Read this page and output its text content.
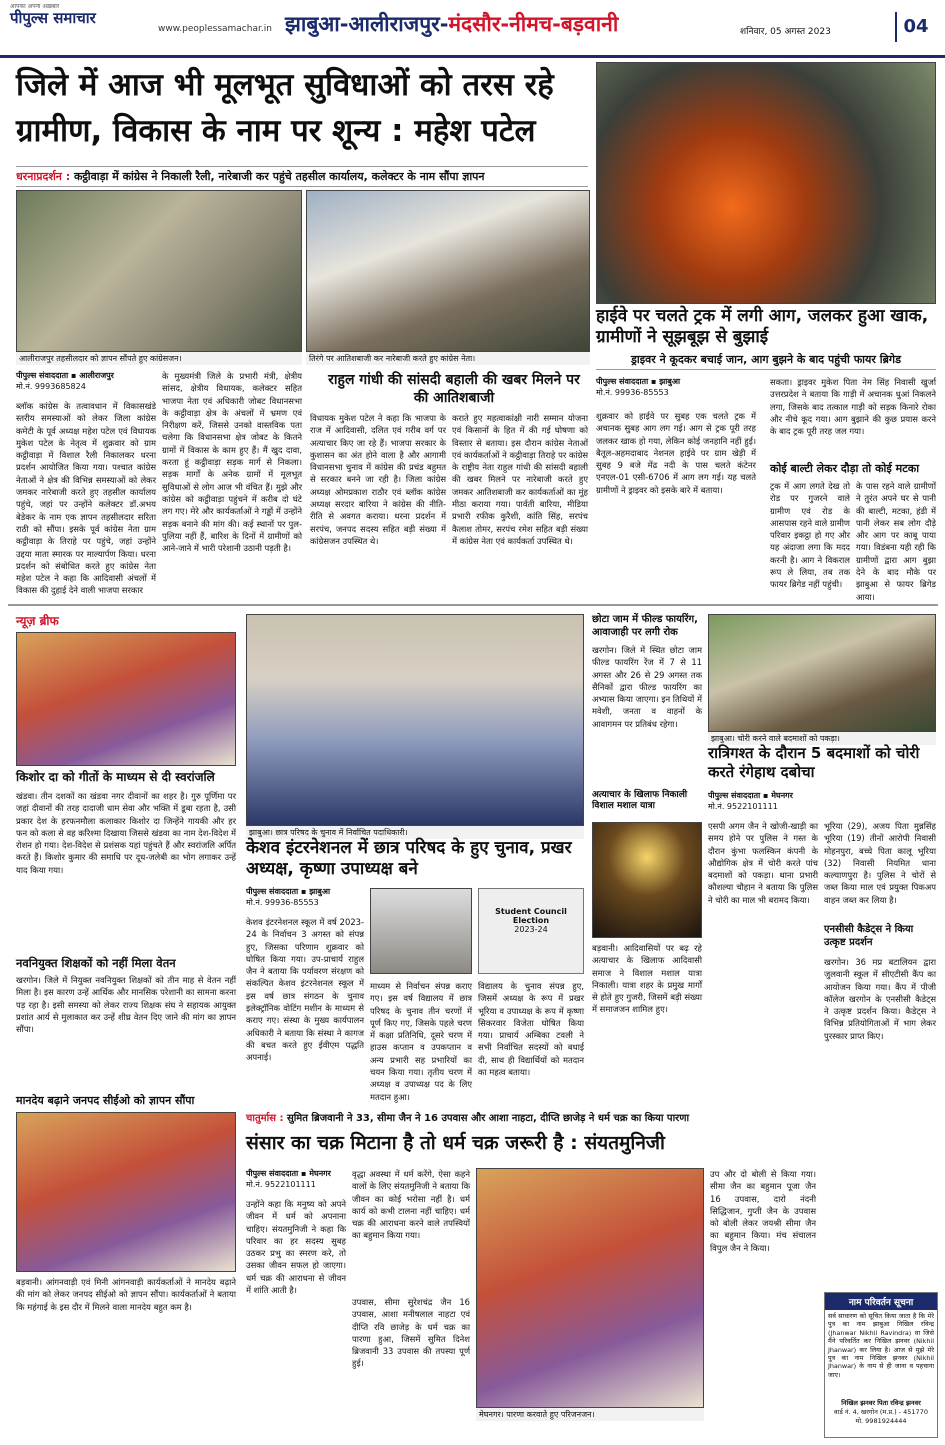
पीपुल्स समाचार
आपका अपना अख़बार
www.peoplessamachar.in झाबुआ-आलीराजपुर-मंदसौर-नीमच-बड़वानी	शनिवार, 05 अगस्त 2023	04
जिले में आज भी मूलभूत सुविधाओं को तरस रहे ग्रामीण, विकास के नाम पर शून्य : महेश पटेल
धरनाप्रदर्शन : कट्ठीवाड़ा में कांग्रेस ने निकाली रैली, नारेबाजी कर पहुंचे तहसील कार्यालय, कलेक्टर के नाम सौंपा ज्ञापन
आलीराजपुर तहसीलदार को ज्ञापन सौंपते हुए कांग्रेसजन।	तिरंगे पर आतिशबाजी कर नारेबाजी करते हुए कांग्रेस नेता।
पीपुल्स संवाददाता ▪ आलीराजपुर
मो.नं. 9993685824
ब्लॉक कांग्रेस के तत्वावधान में विकासखंडे स्तरीय समस्याओं को लेकर जिला कांग्रेस कमेटी के पूर्व अध्यक्ष महेश पटेल एवं विधायक मुकेश पटेल के नेतृत्व में शुक्रवार को ग्राम कट्ठीवाड़ा में विशाल रैली निकालकर धरना प्रदर्शन आयोजित किया गया। पश्चात कांग्रेस नेताओं ने क्षेत्र की विभिन्न समस्याओं को लेकर जमकर नारेबाजी करते हुए तहसील कार्यालय पहुंचे, जहां पर उन्होंने कलेक्टर डॉ.अभय बेडेकर के नाम एक ज्ञापन तहसीलदार सरिता राठी को सौंपा। इसके पूर्व कांग्रेस नेता ग्राम कट्ठीवाड़ा के तिराहे पर पहुंचे, जहां उन्होंने उद्दया माता स्मारक पर माल्यार्पण किया। धरना प्रदर्शन को संबोधित करते हुए कांग्रेस नेता महेश पटेल ने कहा कि आदिवासी अंचलों में विकास की दुहाई देने वाली भाजपा सरकार
के मुख्यमंत्री जिले के प्रभारी मंत्री, क्षेत्रीय सांसद, क्षेत्रीय विधायक, कलेक्टर सहित भाजपा नेता एवं अधिकारी जोबट विधानसभा के कट्ठीवाड़ा क्षेत्र के अंचलों में भ्रमण एवं निरीक्षण करें, जिससे उनको वास्तविक पता चलेगा कि विधानसभा क्षेत्र जोबट के कितने ग्रामों में विकास के काम हुए हैं। मैं खुद दावा, करता हूं कट्ठीवाड़ा सड़क मार्ग से निकला। सड़क मार्गों के अनेक ग्रामों में मूलभूत सुविधाओं से लोग आज भी वंचित हैं। मुझे और कांग्रेस को कट्ठीवाड़ा पहुंचने में करीब दो घंटे लग गए। मेरे और कार्यकर्ताओं ने गड्ढों में उन्होंने सड़क बनाने की मांग की। कई स्थानों पर पुल-पुलिया नहीं हैं, बारिश के दिनों में ग्रामीणों को आने-जाने में भारी परेशानी उठानी पड़ती है।
राहुल गांधी की सांसदी बहाली की खबर मिलने पर की आतिशबाजी
विधायक मुकेश पटेल ने कहा कि भाजपा के राज में आदिवासी, दलित एवं गरीब वर्ग पर अत्याचार किए जा रहे हैं। भाजपा सरकार के कुशासन का अंत होने वाला है और आगामी विधानसभा चुनाव में कांग्रेस की प्रचंड बहुमत से सरकार बनने जा रही है। जिला कांग्रेस अध्यक्ष ओमप्रकाश राठौर एवं ब्लॉक कांग्रेस अध्यक्ष सरदार बारिया ने कांग्रेस की नीति-रीति से अवगत कराया। धरना प्रदर्शन में सरपंच, जनपद सदस्य सहित बड़ी संख्या में कांग्रेसजन उपस्थित थे।
कराते हुए महत्वाकांक्षी नारी सम्मान योजना एवं किसानों के हित में की गई घोषणा को विस्तार से बताया। इस दौरान कांग्रेस नेताओं एवं कार्यकर्ताओं ने कट्ठीवाड़ा तिराहे पर कांग्रेस के राष्ट्रीय नेता राहुल गांधी की सांसदी बहाली की खबर मिलने पर नारेबाजी करते हुए जमकर आतिशबाजी कर कार्यकर्ताओं का मुंह मीठा कराया गया। पार्वती बारिया, मीडिया प्रभारी रफीक कुरैशी, कांति सिंह, सरपंच कैलाश तोमर, सरपंच रमेश सहित बड़ी संख्या में कांग्रेस नेता एवं कार्यकर्ता उपस्थित थे।
हाईवे पर चलते ट्रक में लगी आग, जलकर हुआ खाक, ग्रामीणों ने सूझबूझ से बुझाई
ड्राइवर ने कूदकर बचाई जान, आग बुझने के बाद पहुंची फायर ब्रिगेड
पीपुल्स संवाददाता ▪ झाबुआ
मो.नं. 99936-85553
शुक्रवार को हाईवे पर सुबह एक चलते ट्रक में अचानक सुबह आग लग गई। आग से ट्रक पूरी तरह जलकर खाक हो गया, लेकिन कोई जनहानि नहीं हुई। बैतूल-अहमदाबाद नेशनल हाईवे पर ग्राम खेड़ी में सुबह 9 बजे मेंढ नदी के पास चलते कंटेनर एनएल-01 एसी-6706 में आग लग गई। यह चलते ग्रामीणों ने ड्राइवर को इसके बारे में बताया।
सकता। ड्राइवर मुकेश पिता नेम सिंह निवासी खुर्जा उत्तरप्रदेश ने बताया कि गाड़ी में अचानक धुआं निकलने लगा, जिसके बाद तत्काल गाड़ी को सड़क किनारे रोका और नीचे कूद गया। आग बुझाने की कुछ प्रयास करने के बाद ट्रक पूरी तरह जल गया।
कोई बाल्टी लेकर दौड़ा तो कोई मटका
ट्रक में आग लगते देख तो रोड पर गुजरने वाले ग्रामीण एवं रोड के आसपास रहने वाले ग्रामीण परिवार इकट्ठा हो गए और यह अंदाजा लगा कि मदद करनी है। आग ने विकराल रूप ले लिया, तब तक फायर ब्रिगेड नहीं पहुंची।
के पास रहने वाले ग्रामीणों ने तुरंत अपने घर से पानी की बाल्टी, मटका, हंडी में पानी लेकर सब लोग दौड़े और आग पर काबू पाया गया। विडंबना यही रही कि ग्रामीणों द्वारा आग बुझा देने के बाद मौके पर झाबुआ से फायर ब्रिगेड आया।
न्यूज़ ब्रीफ
किशोर दा को गीतों के माध्यम से दी स्वरांजलि
खंडवा। तीन दशकों का खंडवा नगर दीवानों का शहर है। गुरु पूर्णिमा पर जहां दीवानों की तरह दादाजी धाम सेवा और भक्ति में डूबा रहता है, उसी प्रकार देश के हरफनमौला कलाकार किशोर दा जिन्हेंने गायकी और हर फन को कला से वह करिश्मा दिखाया जिससे खंडवा का नाम देश-विदेश में रोशन हो गया। देश-विदेश से प्रशंसक यहां पहुंचते हैं और स्वरांजलि अर्पित करते हैं। किशोर कुमार की समाधि पर दूध-जलेबी का भोग लगाकर उन्हें याद किया गया।
नवनियुक्त शिक्षकों को नहीं मिला वेतन
खरगोन। जिले में नियुक्त नवनियुक्त शिक्षकों को तीन माह से वेतन नहीं मिला है। इस कारण उन्हें आर्थिक और मानसिक परेशानी का सामना करना पड़ रहा है। इसी समस्या को लेकर राज्य शिक्षक संघ ने सहायक आयुक्त प्रशांत आर्य से मुलाकात कर उन्हें शीघ्र वेतन दिए जाने की मांग का ज्ञापन सौंपा।
मानदेय बढ़ाने जनपद सीईओ को ज्ञापन सौंपा
बड़वानी। आंगनवाड़ी एवं मिनी आंगनवाड़ी कार्यकर्ताओं ने मानदेय बढ़ाने की मांग को लेकर जनपद सीईओ को ज्ञापन सौंपा। कार्यकर्ताओं ने बताया कि महंगाई के इस दौर में मिलने वाला मानदेय बहुत कम है।
झाबुआ। छात्र परिषद के चुनाव में निर्वाचित पदाधिकारी।
केशव इंटरनेशनल में छात्र परिषद के हुए चुनाव, प्रखर अध्यक्ष, कृष्णा उपाध्यक्ष बने
पीपुल्स संवाददाता ▪ झाबुआ
मो.नं. 99936-85553
केशव इंटरनेशनल स्कूल में वर्ष 2023-24 के निर्वाचन 3 अगस्त को संपन्न हुए, जिसका परिणाम शुक्रवार को घोषित किया गया। उप-प्राचार्य राहुल जैन ने बताया कि पर्यावरण संरक्षण को संकल्पित केशव इंटरनेशनल स्कूल में इस वर्ष छात्र संगठन के चुनाव इलेक्ट्रॉनिक वोटिंग मशीन के माध्यम से कराए गए। संस्था के मुख्य कार्यपालन अधिकारी ने बताया कि संस्था ने कागज की बचत करते हुए ईवीएम पद्धति अपनाई।
Student Council Election
2023-24
माध्यम से निर्वाचन संपन्न कराए गए। इस वर्ष विद्यालय में छात्र परिषद के चुनाव तीन चरणों में पूर्ण किए गए, जिसके पहले चरण में कक्षा प्रतिनिधि, दूसरे चरण में हाउस कप्तान व उपकप्तान व अन्य प्रभारी सह प्रभारियों का चयन किया गया। तृतीय चरण में अध्यक्ष व उपाध्यक्ष पद के लिए मतदान हुआ।
विद्यालय के चुनाव संपन्न हुए, जिसमें अध्यक्ष के रूप में प्रखर भूरिया व उपाध्यक्ष के रूप में कृष्णा सिकरवार विजेता घोषित किया गया। प्राचार्य अम्बिका टवली ने सभी निर्वाचित सदस्यों को बधाई दी, साथ ही विद्यार्थियों को मतदान का महत्व बताया।
छोटा जाम में फील्ड फायरिंग, आवाजाही पर लगी रोक
खरगोन। जिले में स्थित छोटा जाम फील्ड फायरिंग रेंज में 7 से 11 अगस्त और 26 से 29 अगस्त तक सैनिकों द्वारा फील्ड फायरिंग का अभ्यास किया जाएगा। इन तिथियों में मवेशी, जनता व वाहनों के आवागमन पर प्रतिबंध रहेगा।
अत्याचार के खिलाफ निकाली विशाल मशाल यात्रा
बड़वानी। आदिवासियों पर बढ़ रहे अत्याचार के खिलाफ आदिवासी समाज ने विशाल मशाल यात्रा निकाली। यात्रा शहर के प्रमुख मार्गों से होते हुए गुजरी, जिसमें बड़ी संख्या में समाजजन शामिल हुए।
झाबुआ। चोरी करने वाले बदमाशों को पकड़ा।
रात्रिगश्त के दौरान 5 बदमाशों को चोरी करते रंगेहाथ दबोचा
पीपुल्स संवाददाता ▪ मेघनगर
मो.नं. 9522101111
एसपी अगम जैन ने खोजी-खाड़ी का समय होने पर पुलिस ने गस्त के दौरान कुंभा फलस्किन कंपनी के औद्योगिक क्षेत्र में चोरी करते पांच बदमाशों को पकड़ा। थाना प्रभारी कौशल्या चौहान ने बताया कि पुलिस ने चोरी का माल भी बरामद किया।
भूरिया (29), अजय पिता मुन्नसिंह भूरिया (19) तीनों आरोपी निवासी मोहनपुरा, बच्चे पिता कालू भूरिया (32) निवासी नियमित धाना कल्याणपुरा है। पुलिस ने चोरों से जब्त किया माल एवं प्रयुक्त पिकअप वाहन जब्त कर लिया है।
एनसीसी कैडेट्स ने किया उत्कृष्ट प्रदर्शन
खरगोन। 36 मप्र बटालियन द्वारा जुलवानी स्कूल में सीएटीसी कैंप का आयोजन किया गया। कैंप में पीजी कॉलेज खरगोन के एनसीसी कैडेट्स ने उत्कृष्ट प्रदर्शन किया। कैडेट्स ने विभिन्न प्रतियोगिताओं में भाग लेकर पुरस्कार प्राप्त किए।
चातुर्मास : सुमित ब्रिजवानी ने 33, सीमा जैन ने 16 उपवास और आशा नाहटा, दीप्ति छाजेड़ ने धर्म चक्र का किया पारणा
संसार का चक्र मिटाना है तो धर्म चक्र जरूरी है : संयतमुनिजी
पीपुल्स संवाददाता ▪ मेघनगर
मो.नं. 9522101111
उन्होंने कहा कि मनुष्य को अपने जीवन में धर्म को अपनाना चाहिए। संयतमुनिजी ने कहा कि परिवार का हर सदस्य सुबह उठकर प्रभु का स्मरण करे, तो उसका जीवन सफल हो जाएगा। धर्म चक्र की आराधना से जीवन में शांति आती है।
वृद्धा अवस्था में धर्म करेंगे, ऐसा कहने वालों के लिए संयतमुनिजी ने बताया कि जीवन का कोई भरोसा नहीं है। धर्म कार्य को कभी टालना नहीं चाहिए। धर्म चक्र की आराधना करने वाले तपस्वियों का बहुमान किया गया।
मेघनगर। पारणा करवाते हुए परिजनजन।
उपवास, सीमा सुरेशचंद्र जैन 16 उपवास, आशा मनीषलाल नाहटा एवं दीप्ति रवि छाजेड़ के धर्म चक्र का पारणा हुआ, जिसमें सुमित दिनेश ब्रिजवानी 33 उपवास की तपस्या पूर्ण हुई।
उप और दो बोली से किया गया। सीमा जैन का बहुमान पूजा जैन 16 उपवास, दारो नंदनी सिद्धिजान, गुप्ती जैन के उपवास को बोली लेकर जयश्री सीमा जैन का बहुमान किया। मंच संचालन विपुल जैन ने किया।
नाम परिवर्तन सूचना
सर्व साधारण को सूचित किया जाता है कि मेरे पुत्र का नाम झाबुआ निखिल रविन्द्र (Jhanwar Nikhil Ravindra) था जिसे मैंने परिवर्तित कर निखिल झनवर (Nikhil Jhanwar) कर लिया है। आज से मुझे मेरे पुत्र का नाम निखिल झनवर (Nikhil Jhanwar) के नाम से ही जाना व पहचाना जाए।
निखिल झनवर पिता रविन्द्र झनवर
वार्ड नं. 4, खरगोन (म.प्र.) - 451770
मो. 9981924444
